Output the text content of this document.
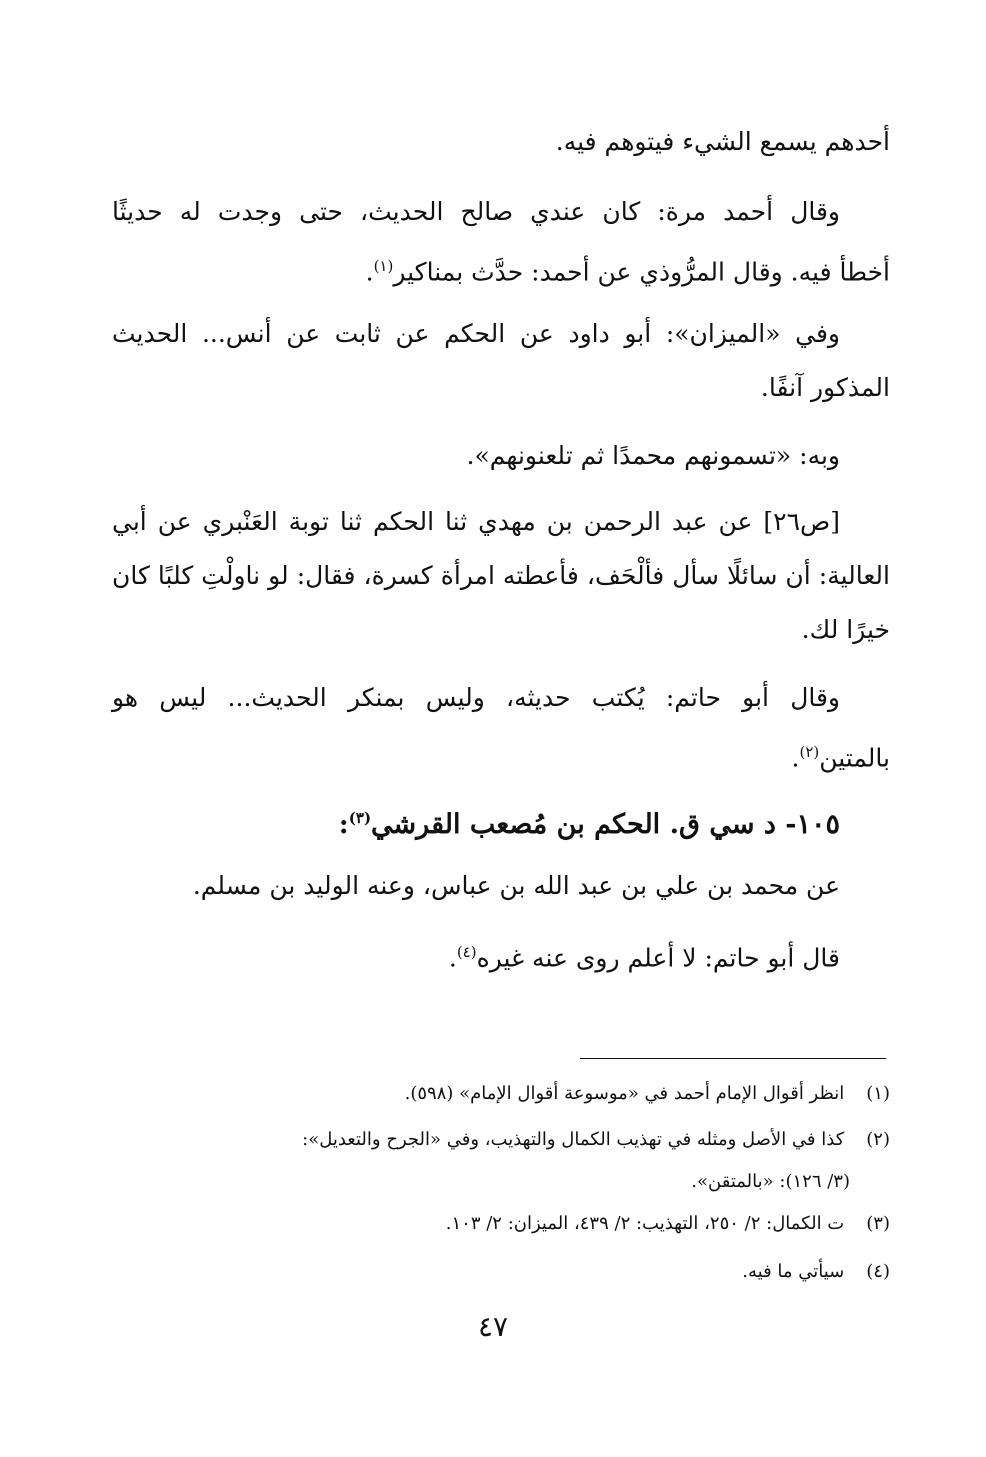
أحدهم يسمع الشيء فيتوهم فيه.
وقال أحمد مرة: كان عندي صالح الحديث، حتى وجدت له حديثًا
أخطأ فيه. وقال المرُّوذي عن أحمد: حدَّث بمناكير$^{(١)}$.
وفي «الميزان»: أبو داود عن الحكم عن ثابت عن أنس... الحديث
المذكور آنفًا.
وبه: «تسمونهم محمدًا ثم تلعنونهم».
[ص٢٦] عن عبد الرحمن بن مهدي ثنا الحكم ثنا توبة العَنْبري عن أبي
العالية: أن سائلًا سأل فألْحَف، فأعطته امرأة كسرة، فقال: لو ناولْتِ كلبًا كان
خيرًا لك.
وقال أبو حاتم: يُكتب حديثه، وليس بمنكر الحديث... ليس هو
بالمتين$^{(٢)}$.
١٠٥- د سي ق. الحكم بن مُصعب القرشي$^{(٣)}$:
عن محمد بن علي بن عبد الله بن عباس، وعنه الوليد بن مسلم.
قال أبو حاتم: لا أعلم روى عنه غيره$^{(٤)}$.
(١) انظر أقوال الإمام أحمد في «موسوعة أقوال الإمام» (٥٩٨).
(٢) كذا في الأصل ومثله في تهذيب الكمال والتهذيب، وفي «الجرح والتعديل»:
(٣/ ١٢٦): «بالمتقن».
(٣) ت الكمال: ٢/ ٢٥٠، التهذيب: ٢/ ٤٣٩، الميزان: ٢/ ١٠٣.
(٤) سيأتي ما فيه.
٤٧
